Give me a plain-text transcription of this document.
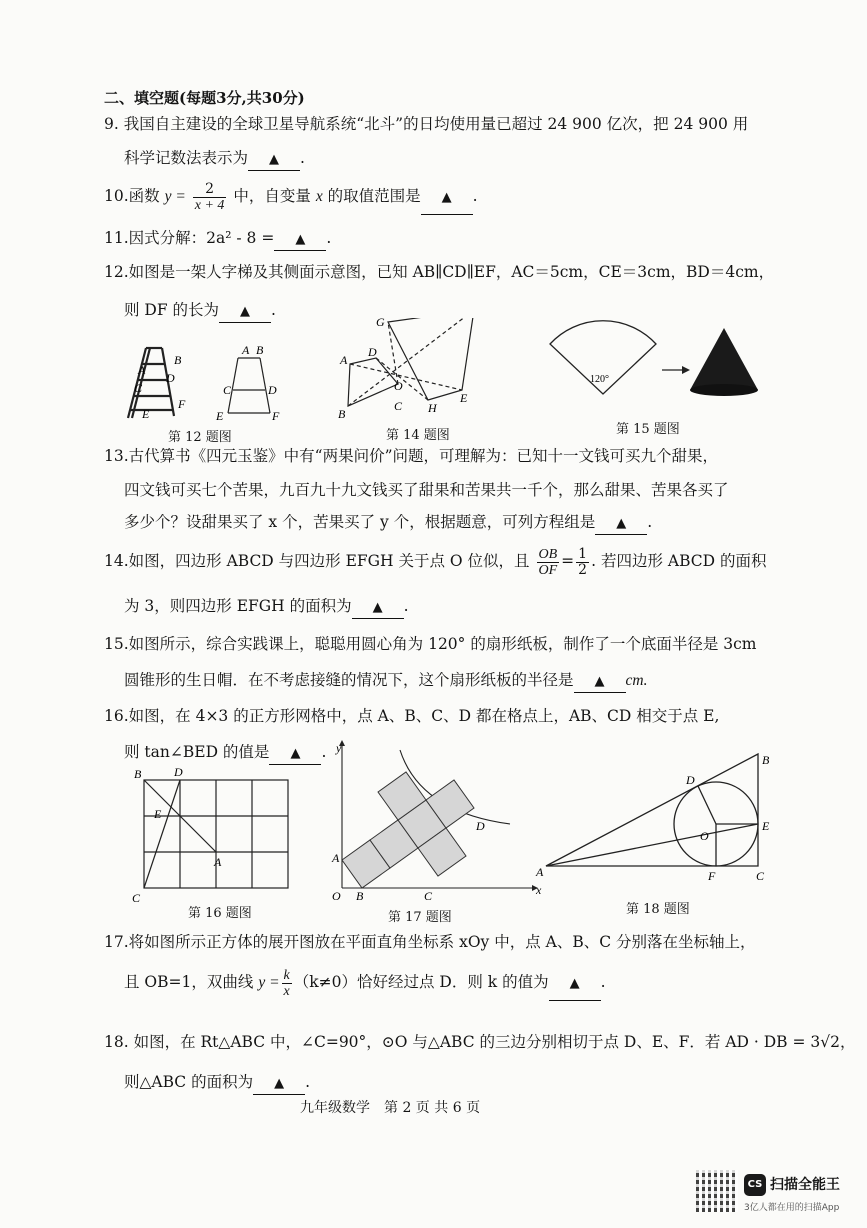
二、填空题(每题3分,共30分)
9. 我国自主建设的全球卫星导航系统“北斗”的日均使用量已超过 24 900 亿次，把 24 900 用
科学记数法表示为 ▲ .
10.函数 $y = \frac{2}{x + 4}$ 中，自变量 x 的取值范围是 ▲ .
11.因式分解：2a² - 8 = ▲ .
12.如图是一架人字梯及其侧面示意图，已知 AB∥CD∥EF，AC＝5cm，CE＝3cm，BD＝4cm，
则 DF 的长为 ▲ .
B
A
D
C
F
E
A B
C	D
E	F
G
A
D
O
C
B	H
E
120°
第 12 题图	第 14 题图	第 15 题图
13.古代算书《四元玉鉴》中有“两果问价”问题，可理解为：已知十一文钱可买九个甜果，
四文钱可买七个苦果，九百九十九文钱买了甜果和苦果共一千个，那么甜果、苦果各买了
多少个？设甜果买了 x 个，苦果买了 y 个，根据题意，可列方程组是 ▲ .
14.如图，四边形 ABCD 与四边形 EFGH 关于点 O 位似，且 $\frac{OB}{OF} = \frac{1}{2}$ . 若四边形 ABCD 的面积
为 3，则四边形 EFGH 的面积为 ▲ .
15.如图所示，综合实践课上，聪聪用圆心角为 120° 的扇形纸板，制作了一个底面半径是 3cm
圆锥形的生日帽．在不考虑接缝的情况下，这个扇形纸板的半径是 ▲ cm.
16.如图，在 4×3 的正方形网格中，点 A、B、C、D 都在格点上，AB、CD 相交于点 E,
则 tan∠BED 的值是 ▲ .
B	D
E
A
C	O B	C
A
D
x
y
D
B
O
E
A	F	C
第 16 题图	第 17 题图
第 18 题图
17.将如图所示正方体的展开图放在平面直角坐标系 xOy 中，点 A、B、C 分别落在坐标轴上，
且 OB=1，双曲线 $y = \frac{k}{x} (k\ne 0)$恰好经过点 D．则 k 的值为 ▲ .
18. 如图，在 Rt△ABC 中，∠C=90°，⊙O 与△ABC 的三边分别相切于点 D、E、F．若 AD · DB = 3√2，
则△ABC 的面积为 ▲ .
九年级数学　第 2 页 共 6 页
CS 扫描全能王
3亿人都在用的扫描App
